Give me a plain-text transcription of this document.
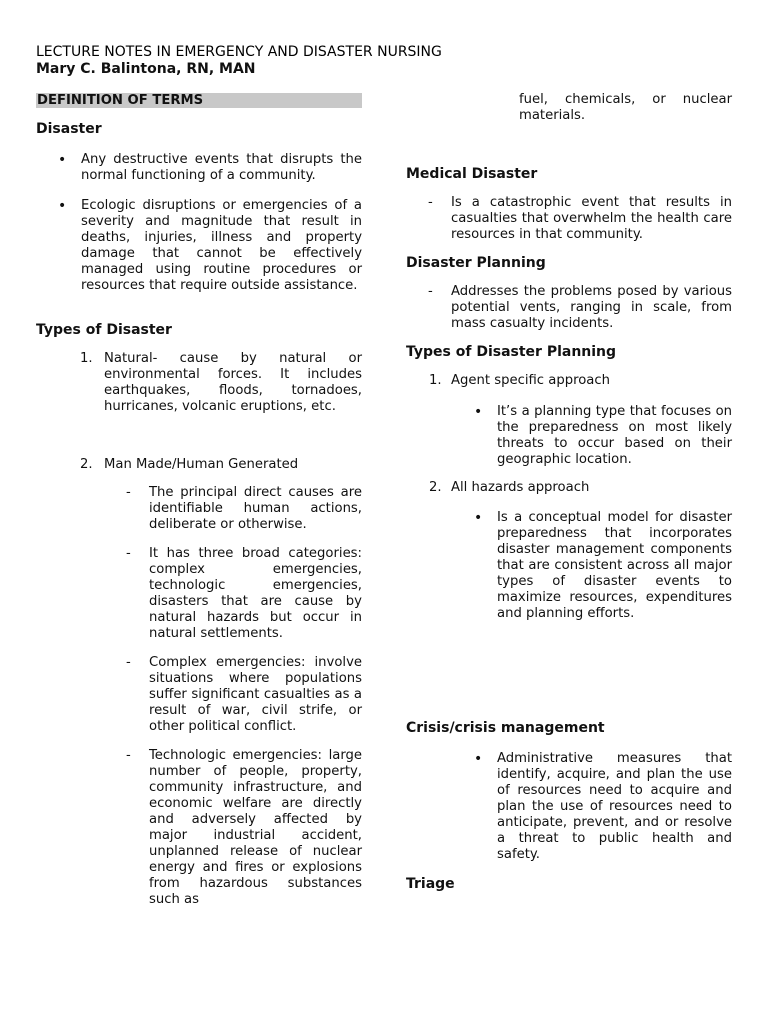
LECTURE NOTES IN EMERGENCY AND DISASTER NURSING
Mary C. Balintona, RN, MAN
DEFINITION OF TERMS
Disaster
•	Any destructive events that disrupts the normal functioning of a community.
•	Ecologic disruptions or emergencies of a severity and magnitude that result in deaths, injuries, illness and property damage that cannot be effectively managed using routine procedures or resources that require outside assistance.
Types of Disaster
1. Natural- cause by natural or environmental forces. It includes earthquakes, floods, tornadoes, hurricanes, volcanic eruptions, etc.
2. Man Made/Human Generated
-	The principal direct causes are identifiable human actions, deliberate or otherwise.
-	It has three broad categories: complex emergencies, technologic emergencies, disasters that are cause by natural hazards but occur in natural settlements.
-	Complex emergencies: involve situations where populations suffer significant casualties as a result of war, civil strife, or other political conflict.
-	Technologic emergencies: large number of people, property, community infrastructure, and economic welfare are directly and adversely affected by major industrial accident, unplanned release of nuclear energy and fires or explosions from hazardous substances such as
fuel, chemicals, or nuclear materials.
Medical Disaster
-	Is a catastrophic event that results in casualties that overwhelm the health care resources in that community.
Disaster Planning
-	Addresses the problems posed by various potential vents, ranging in scale, from mass casualty incidents.
Types of Disaster Planning
1. Agent specific approach
•	It’s a planning type that focuses on the preparedness on most likely threats to occur based on their geographic location.
2. All hazards approach
•	Is a conceptual model for disaster preparedness that incorporates disaster management components that are consistent across all major types of disaster events to maximize resources, expenditures and planning efforts.
Crisis/crisis management
•	Administrative measures that identify, acquire, and plan the use of resources need to acquire and plan the use of resources need to anticipate, prevent, and or resolve a threat to public health and safety.
Triage
